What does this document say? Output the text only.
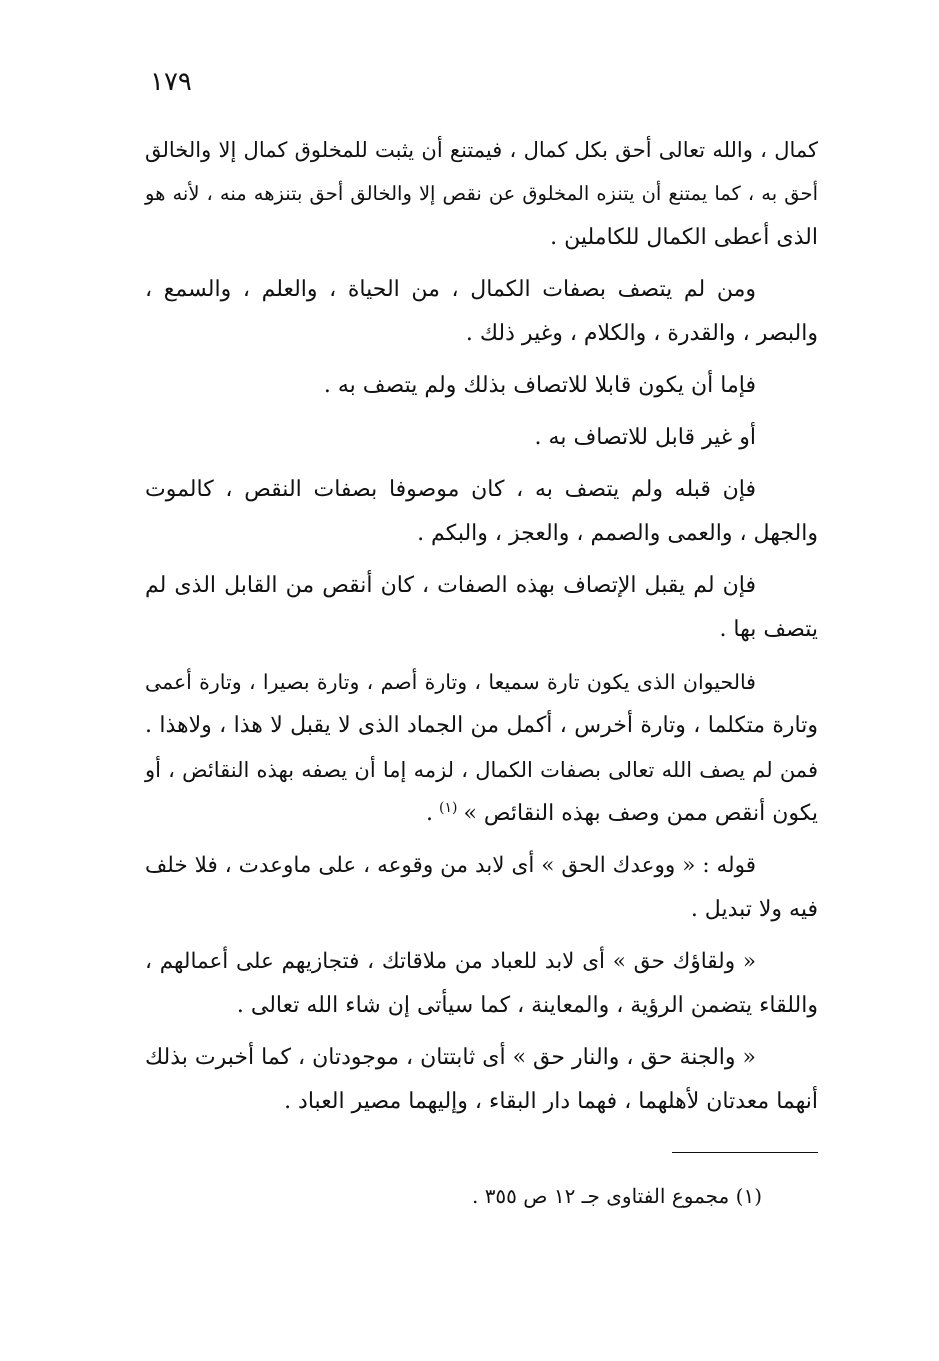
١٧٩
كمال ، والله تعالى أحق بكل كمال ، فيمتنع أن يثبت للمخلوق كمال إلا والخالق
أحق به ، كما يمتنع أن يتنزه المخلوق عن نقص إلا والخالق أحق بتنزهه منه ، لأنه هو
الذى أعطى الكمال للكاملين .
ومن لم يتصف بصفات الكمال ، من الحياة ، والعلم ، والسمع ،
والبصر ، والقدرة ، والكلام ، وغير ذلك .
فإما أن يكون قابلا للاتصاف بذلك ولم يتصف به .
أو غير قابل للاتصاف به .
فإن قبله ولم يتصف به ، كان موصوفا بصفات النقص ، كالموت
والجهل ، والعمى والصمم ، والعجز ، والبكم .
فإن لم يقبل الإتصاف بهذه الصفات ، كان أنقص من القابل الذى لم
يتصف بها .
فالحيوان الذى يكون تارة سميعا ، وتارة أصم ، وتارة بصيرا ، وتارة أعمى
وتارة متكلما ، وتارة أخرس ، أكمل من الجماد الذى لا يقبل لا هذا ، ولاهذا .
فمن لم يصف الله تعالى بصفات الكمال ، لزمه إما أن يصفه بهذه النقائض ، أو
يكون أنقص ممن وصف بهذه النقائص »$^{(١)}$.
قوله : « ووعدك الحق » أى لابد من وقوعه ، على ماوعدت ، فلا خلف
فيه ولا تبديل .
« ولقاؤك حق » أى لابد للعباد من ملاقاتك ، فتجازيهم على أعمالهم ،
واللقاء يتضمن الرؤية ، والمعاينة ، كما سيأتى إن شاء الله تعالى .
« والجنة حق ، والنار حق » أى ثابتتان ، موجودتان ، كما أخبرت بذلك
أنهما معدتان لأهلهما ، فهما دار البقاء ، وإليهما مصير العباد .
(١) مجموع الفتاوى جـ ١٢ ص ٣٥٥ .
